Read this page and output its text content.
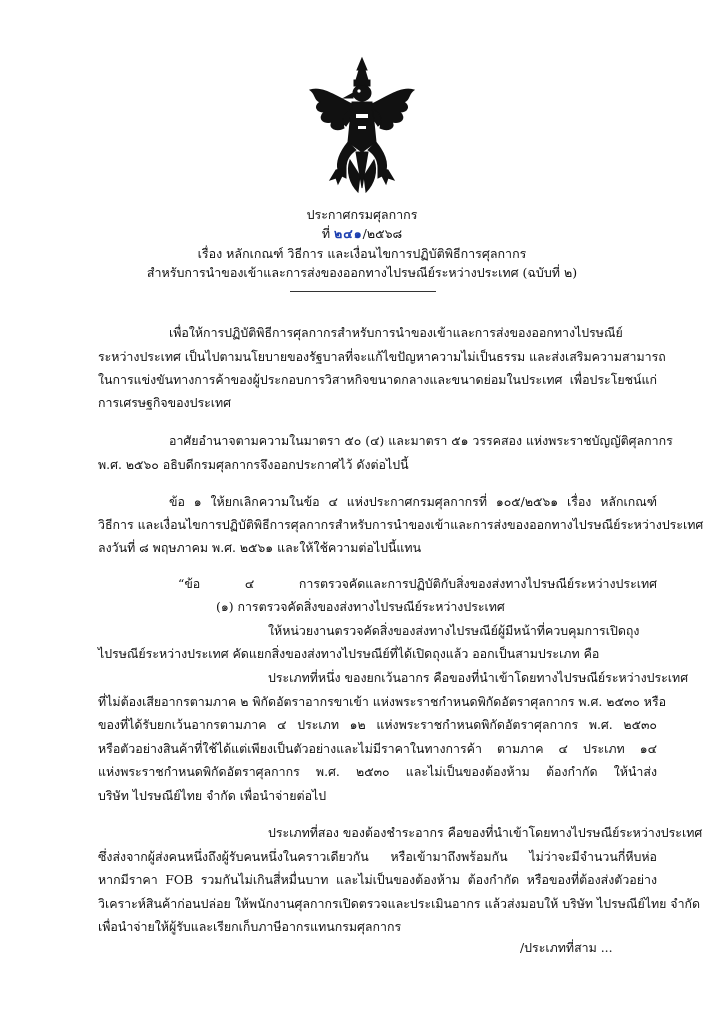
ประกาศกรมศุลกากร
ที่ ๒๔๑/๒๕๖๘
เรื่อง หลักเกณฑ์ วิธีการ และเงื่อนไขการปฏิบัติพิธีการศุลกากร
สำหรับการนำของเข้าและการส่งของออกทางไปรษณีย์ระหว่างประเทศ (ฉบับที่ ๒)
เพื่อให้การปฏิบัติพิธีการศุลกากรสำหรับการนำของเข้าและการส่งของออกทางไปรษณีย์
ระหว่างประเทศ เป็นไปตามนโยบายของรัฐบาลที่จะแก้ไขปัญหาความไม่เป็นธรรม และส่งเสริมความสามารถ
ในการแข่งขันทางการค้าของผู้ประกอบการวิสาหกิจขนาดกลางและขนาดย่อมในประเทศ เพื่อประโยชน์แก่
การเศรษฐกิจของประเทศ
อาศัยอำนาจตามความในมาตรา ๕๐ (๔) และมาตรา ๕๑ วรรคสอง แห่งพระราชบัญญัติศุลกากร
พ.ศ. ๒๕๖๐ อธิบดีกรมศุลกากรจึงออกประกาศไว้ ดังต่อไปนี้
ข้อ ๑ ให้ยกเลิกความในข้อ ๔ แห่งประกาศกรมศุลกากรที่ ๑๐๕/๒๕๖๑ เรื่อง หลักเกณฑ์
วิธีการ และเงื่อนไขการปฏิบัติพิธีการศุลกากรสำหรับการนำของเข้าและการส่งของออกทางไปรษณีย์ระหว่างประเทศ
ลงวันที่ ๘ พฤษภาคม พ.ศ. ๒๕๖๑ และให้ใช้ความต่อไปนี้แทน
“ข้อ ๔ การตรวจคัดและการปฏิบัติกับสิ่งของส่งทางไปรษณีย์ระหว่างประเทศ
(๑) การตรวจคัดสิ่งของส่งทางไปรษณีย์ระหว่างประเทศ
ให้หน่วยงานตรวจคัดสิ่งของส่งทางไปรษณีย์ผู้มีหน้าที่ควบคุมการเปิดถุง
ไปรษณีย์ระหว่างประเทศ คัดแยกสิ่งของส่งทางไปรษณีย์ที่ได้เปิดถุงแล้ว ออกเป็นสามประเภท คือ
ประเภทที่หนึ่ง ของยกเว้นอากร คือของที่นำเข้าโดยทางไปรษณีย์ระหว่างประเทศ
ที่ไม่ต้องเสียอากรตามภาค ๒ พิกัดอัตราอากรขาเข้า แห่งพระราชกำหนดพิกัดอัตราศุลกากร พ.ศ. ๒๕๓๐ หรือ
ของที่ได้รับยกเว้นอากรตามภาค ๔ ประเภท ๑๒ แห่งพระราชกำหนดพิกัดอัตราศุลกากร พ.ศ. ๒๕๓๐
หรือตัวอย่างสินค้าที่ใช้ได้แต่เพียงเป็นตัวอย่างและไม่มีราคาในทางการค้า ตามภาค ๔ ประเภท ๑๔
แห่งพระราชกำหนดพิกัดอัตราศุลกากร พ.ศ. ๒๕๓๐ และไม่เป็นของต้องห้าม ต้องกำกัด ให้นำส่ง
บริษัท ไปรษณีย์ไทย จำกัด เพื่อนำจ่ายต่อไป
ประเภทที่สอง ของต้องชำระอากร คือของที่นำเข้าโดยทางไปรษณีย์ระหว่างประเทศ
ซึ่งส่งจากผู้ส่งคนหนึ่งถึงผู้รับคนหนึ่งในคราวเดียวกัน หรือเข้ามาถึงพร้อมกัน ไม่ว่าจะมีจำนวนกี่หีบห่อ
หากมีราคา FOB รวมกันไม่เกินสี่หมื่นบาท และไม่เป็นของต้องห้าม ต้องกำกัด หรือของที่ต้องส่งตัวอย่าง
วิเคราะห์สินค้าก่อนปล่อย ให้พนักงานศุลกากรเปิดตรวจและประเมินอากร แล้วส่งมอบให้ บริษัท ไปรษณีย์ไทย จำกัด
เพื่อนำจ่ายให้ผู้รับและเรียกเก็บภาษีอากรแทนกรมศุลกากร
/ประเภทที่สาม ...
